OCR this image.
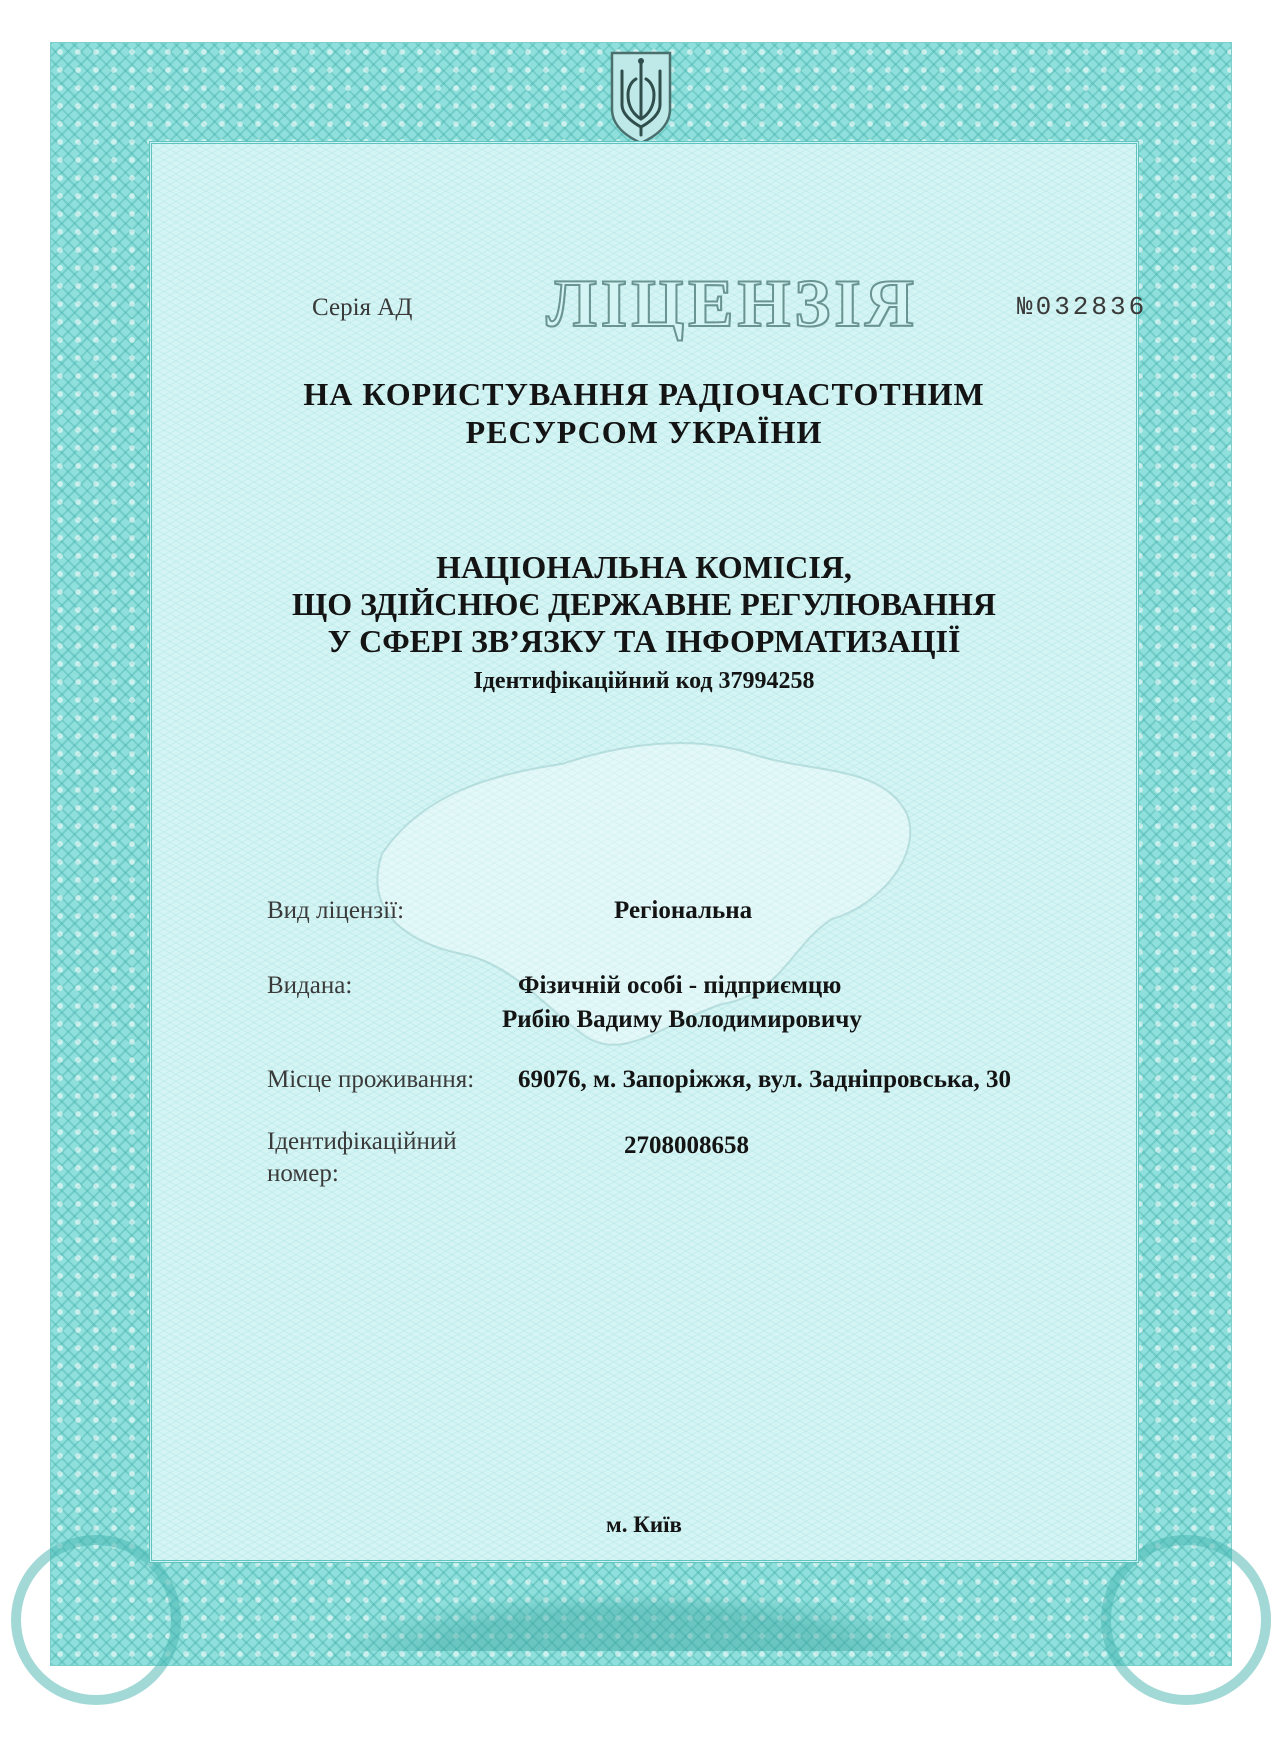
Серія АД	ЛІЦЕНЗІЯ	№032836
НА КОРИСТУВАННЯ РАДІОЧАСТОТНИМ
РЕСУРСОМ УКРАЇНИ
НАЦІОНАЛЬНА КОМІСІЯ,
ЩО ЗДІЙСНЮЄ ДЕРЖАВНЕ РЕГУЛЮВАННЯ
У СФЕРІ ЗВ’ЯЗКУ ТА ІНФОРМАТИЗАЦІЇ
Ідентифікаційний код 37994258
Вид ліцензії:	Регіональна
Видана:	Фізичній особі - підприємцю
Рибію Вадиму Володимировичу
Місце проживання: 69076, м. Запоріжжя, вул. Задніпровська, 30
Ідентифікаційний
номер:
2708008658
м. Київ
